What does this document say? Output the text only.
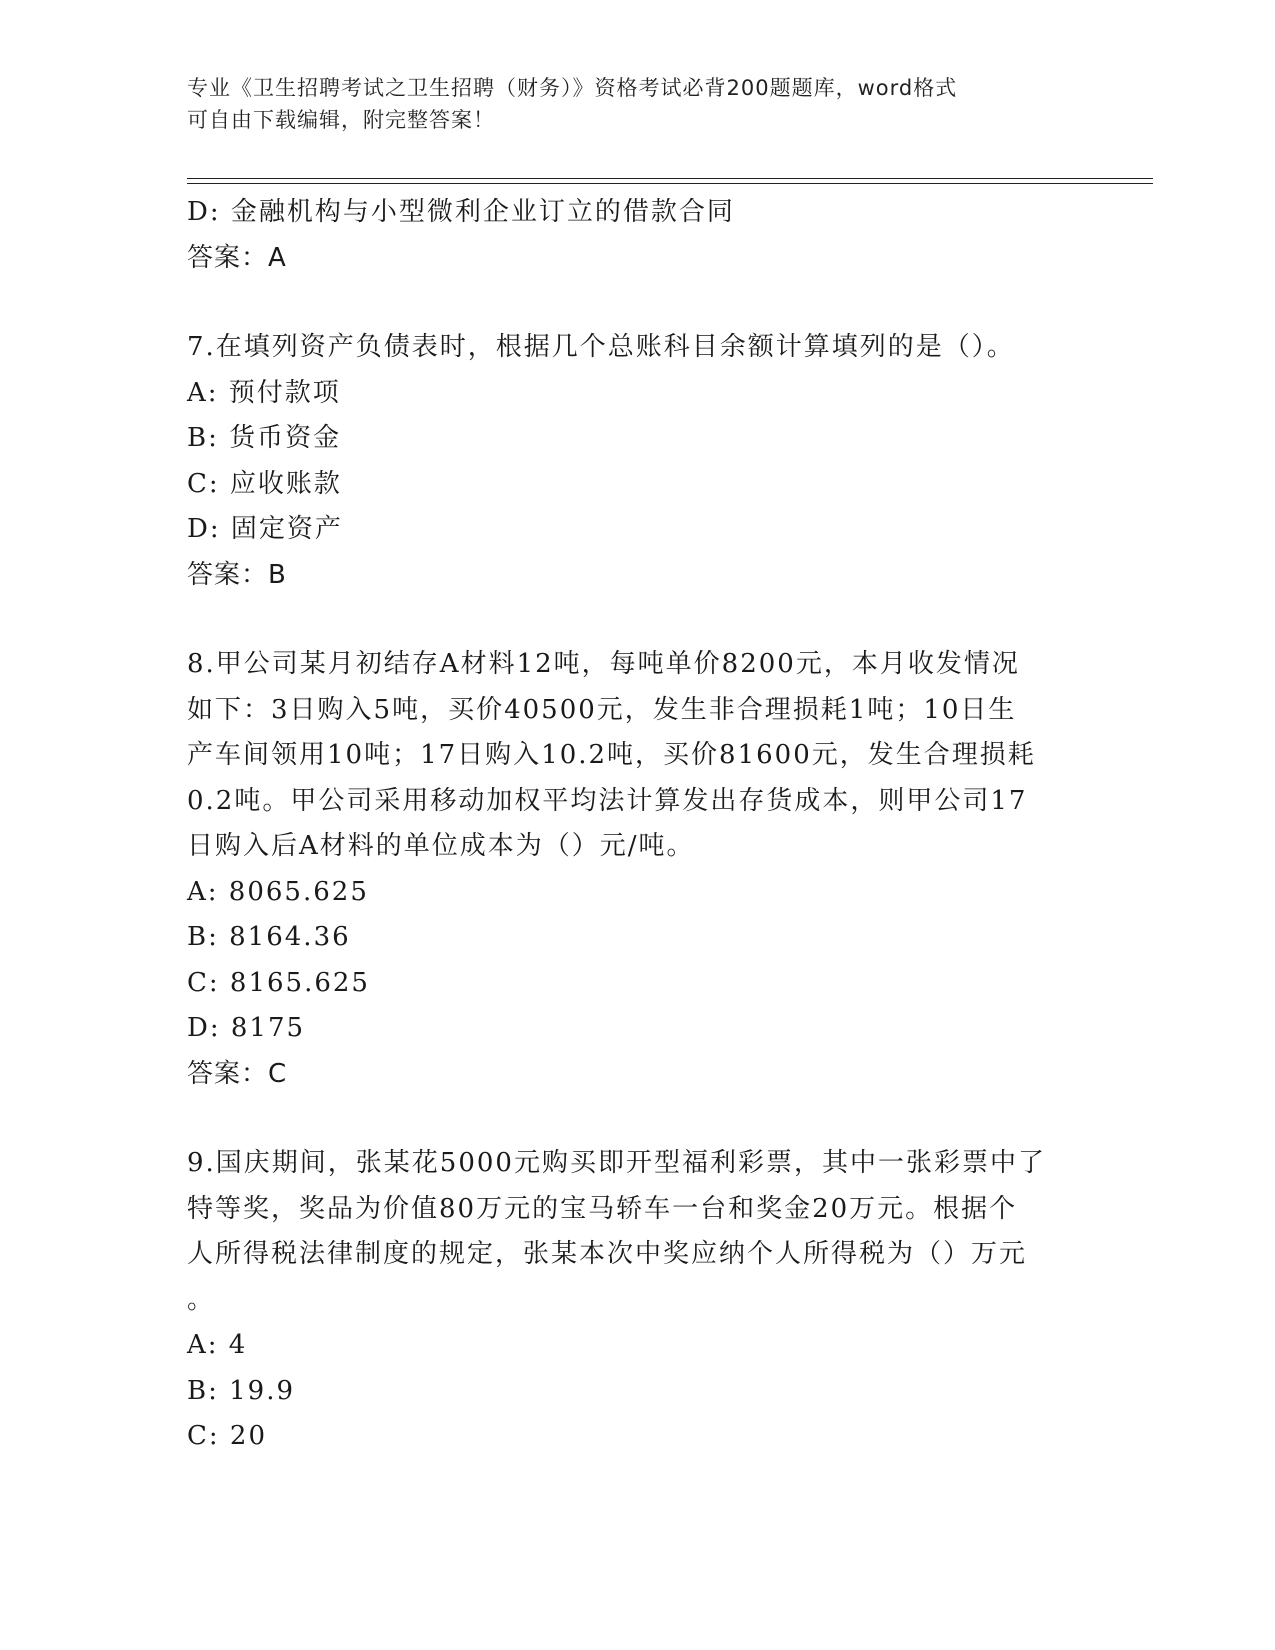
专业《卫生招聘考试之卫生招聘（财务）》资格考试必背200题题库，word格式
可自由下载编辑，附完整答案！
D: 金融机构与小型微利企业订立的借款合同
答案：A
7.在填列资产负债表时，根据几个总账科目余额计算填列的是（）。
A: 预付款项
B: 货币资金
C: 应收账款
D: 固定资产
答案：B
8.甲公司某月初结存A材料12吨，每吨单价8200元，本月收发情况
如下：3日购入5吨，买价40500元，发生非合理损耗1吨；10日生
产车间领用10吨；17日购入10.2吨，买价81600元，发生合理损耗
0.2吨。甲公司采用移动加权平均法计算发出存货成本，则甲公司17
日购入后A材料的单位成本为（）元/吨。
A: 8065.625
B: 8164.36
C: 8165.625
D: 8175
答案：C
9.国庆期间，张某花5000元购买即开型福利彩票，其中一张彩票中了
特等奖，奖品为价值80万元的宝马轿车一台和奖金20万元。根据个
人所得税法律制度的规定，张某本次中奖应纳个人所得税为（）万元
。
A: 4
B: 19.9
C: 20
